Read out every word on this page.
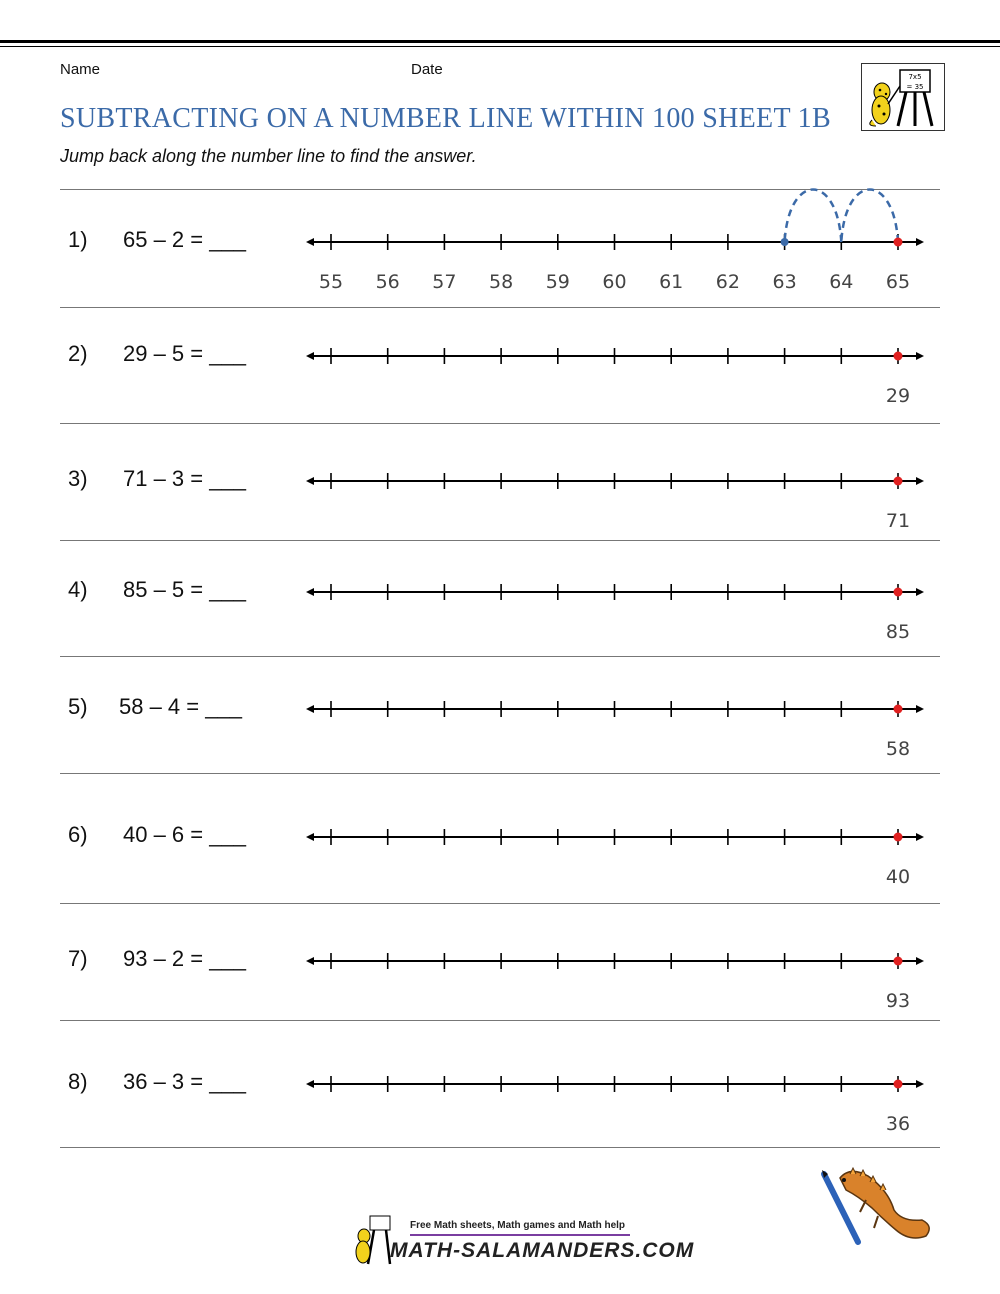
Name	Date	7x5
= 35
SUBTRACTING ON A NUMBER LINE WITHIN 100 SHEET 1B
Jump back along the number line to find the answer.
1) 65 – 2 = ___
55 56 57 58 59 60 61 62 63 64 65
2) 29 – 5 = ___
29
3) 71 – 3 = ___
71
4) 85 – 5 = ___
85
5) 58 – 4 = ___
58
6) 40 – 6 = ___
40
7) 93 – 2 = ___
93
8) 36 – 3 = ___
36
Free Math sheets, Math games and Math help
MATH-SALAMANDERS.COM
